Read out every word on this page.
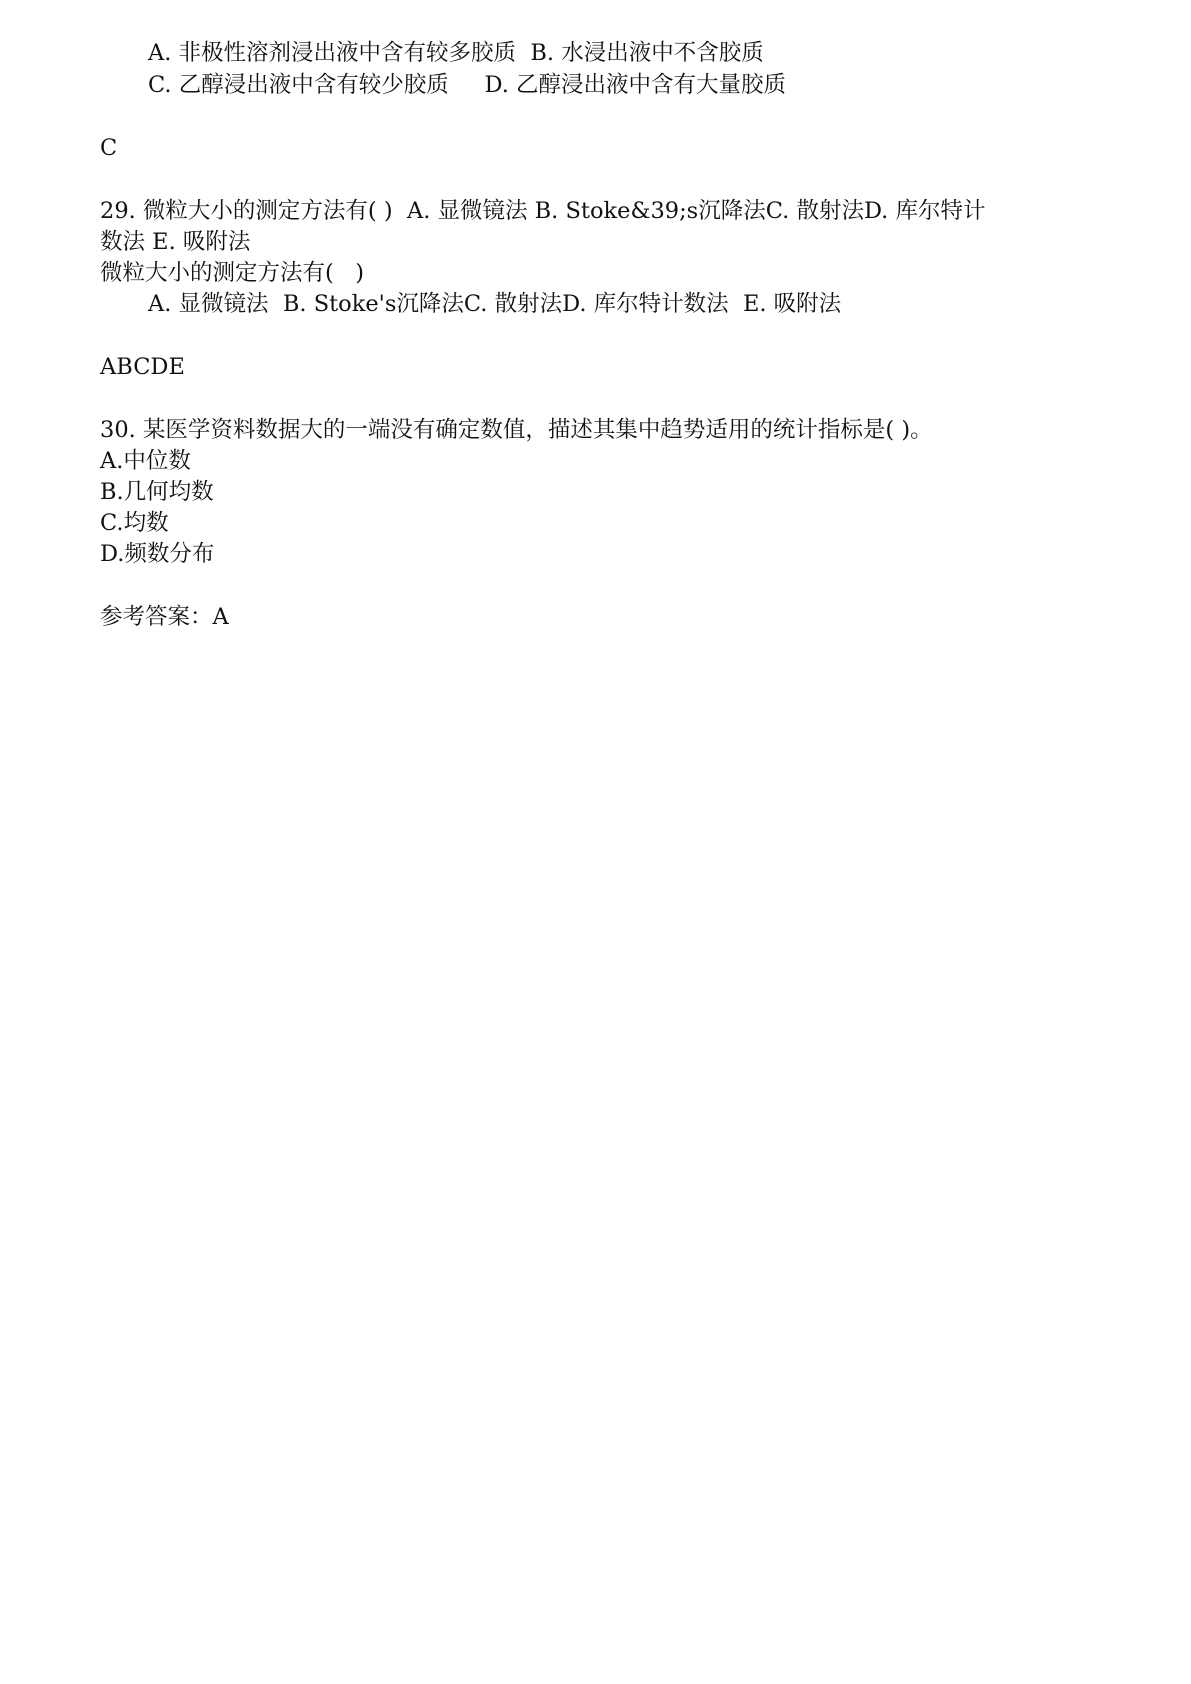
A. 非极性溶剂浸出液中含有较多胶质  B. 水浸出液中不含胶质
C. 乙醇浸出液中含有较少胶质     D. 乙醇浸出液中含有大量胶质
C
29. 微粒大小的测定方法有( )  A. 显微镜法 B. Stoke&39;s沉降法C. 散射法D. 库尔特计
数法 E. 吸附法
微粒大小的测定方法有(   )
A. 显微镜法  B. Stoke's沉降法C. 散射法D. 库尔特计数法  E. 吸附法
ABCDE
30. 某医学资料数据大的一端没有确定数值，描述其集中趋势适用的统计指标是( )。
A.中位数
B.几何均数
C.均数
D.频数分布
参考答案：A
